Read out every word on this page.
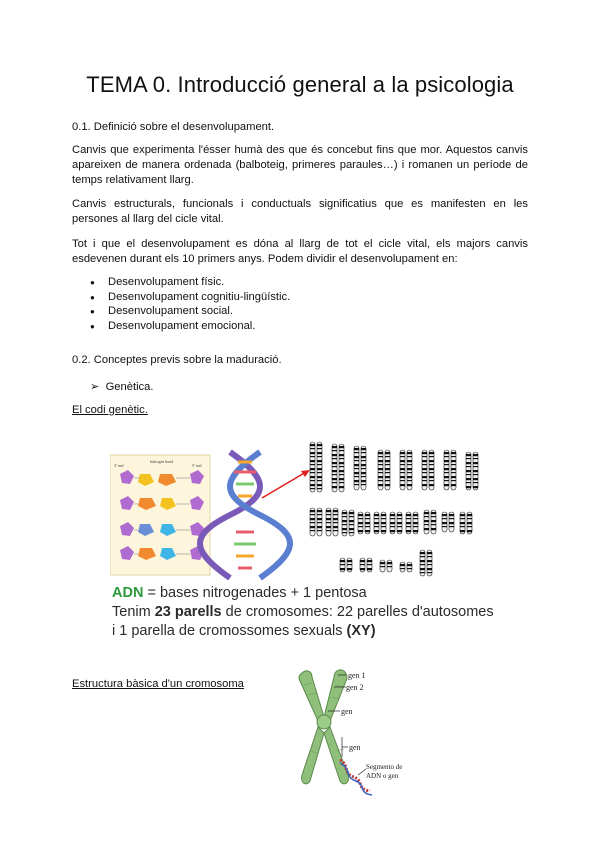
TEMA 0. Introducció general a la psicologia
0.1. Definició sobre el desenvolupament.
Canvis que experimenta l'ésser humà des que és concebut fins que mor. Aquestos canvis apareixen de manera ordenada (balboteig, primeres paraules…) i romanen un període de temps relativament llarg.
Canvis estructurals, funcionals i conductuals significatius que es manifesten en les persones al llarg del cicle vital.
Tot i que el desenvolupament es dóna al llarg de tot el cicle vital, els majors canvis esdevenen durant els 10 primers anys. Podem dividir el desenvolupament en:
● Desenvolupament físic.
● Desenvolupament cognitiu-lingüístic.
● Desenvolupament social.
● Desenvolupament emocional.
0.2. Conceptes previs sobre la maduració.
➢ Genètica.
El codi genètic.
hidrogen bond
3' end	5' end
ADN = bases nitrogenades + 1 pentosa
Tenim 23 parells de cromosomes: 22 parelles d'autosomes
i 1 parella de cromossomes sexuals (XY)
Estructura bàsica d'un cromosoma
gen 1
gen 2
gen
gen
Segmento de
ADN o gen
